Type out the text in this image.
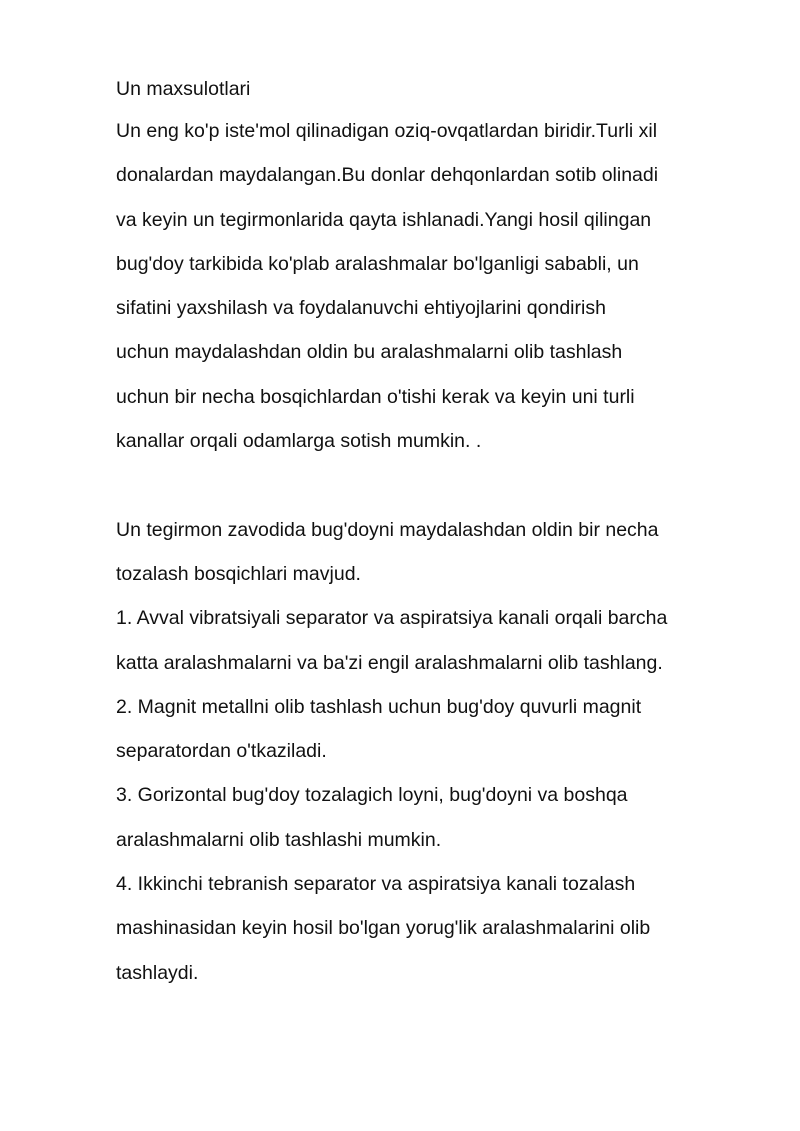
Un maxsulotlari
Un eng ko'p iste'mol qilinadigan oziq-ovqatlardan biridir.Turli xil
donalardan maydalangan.Bu donlar dehqonlardan sotib olinadi
va keyin un tegirmonlarida qayta ishlanadi.Yangi hosil qilingan
bug'doy tarkibida ko'plab aralashmalar bo'lganligi sababli, un
sifatini yaxshilash va foydalanuvchi ehtiyojlarini qondirish
uchun maydalashdan oldin bu aralashmalarni olib tashlash
uchun bir necha bosqichlardan o'tishi kerak va keyin uni turli
kanallar orqali odamlarga sotish mumkin. .
Un tegirmon zavodida bug'doyni maydalashdan oldin bir necha
tozalash bosqichlari mavjud.
1. Avval vibratsiyali separator va aspiratsiya kanali orqali barcha
katta aralashmalarni va ba'zi engil aralashmalarni olib tashlang.
2. Magnit metallni olib tashlash uchun bug'doy quvurli magnit
separatordan o'tkaziladi.
3. Gorizontal bug'doy tozalagich loyni, bug'doyni va boshqa
aralashmalarni olib tashlashi mumkin.
4. Ikkinchi tebranish separator va aspiratsiya kanali tozalash
mashinasidan keyin hosil bo'lgan yorug'lik aralashmalarini olib
tashlaydi.
